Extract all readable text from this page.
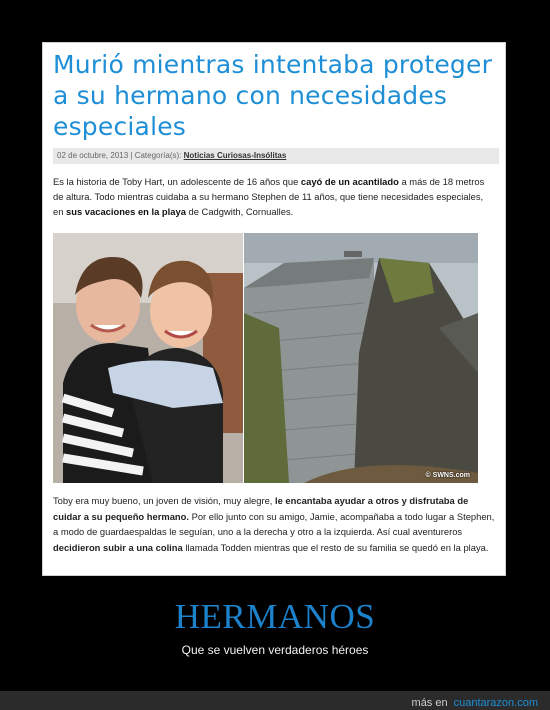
Murió mientras intentaba proteger a su hermano con necesidades especiales
02 de octubre, 2013 | Categoría(s): Noticias Curiosas-Insólitas
Es la historia de Toby Hart, un adolescente de 16 años que cayó de un acantilado a más de 18 metros de altura. Todo mientras cuidaba a su hermano Stephen de 11 años, que tiene necesidades especiales, en sus vacaciones en la playa de Cadgwith, Cornualles.
© SWNS.com
Toby era muy bueno, un joven de visión, muy alegre, le encantaba ayudar a otros y disfrutaba de cuidar a su pequeño hermano. Por ello junto con su amigo, Jamie, acompañaba a todo lugar a Stephen, a modo de guardaespaldas le seguían, uno a la derecha y otro a la izquierda. Así cual aventureros decidieron subir a una colina llamada Todden mientras que el resto de su familia se quedó en la playa.
HERMANOS
Que se vuelven verdaderos héroes
más encuantarazon.com
